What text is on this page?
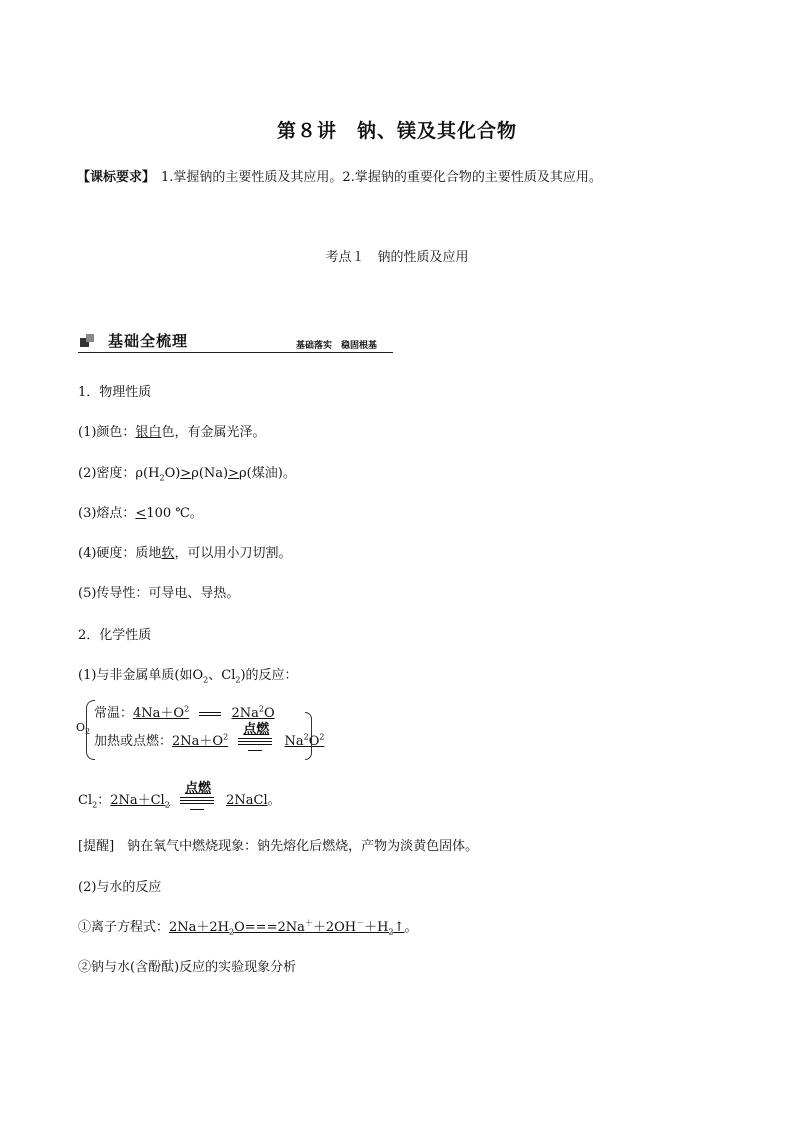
第８讲　钠、镁及其化合物
【课标要求】 1.掌握钠的主要性质及其应用。2.掌握钠的重要化合物的主要性质及其应用。
考点１　钠的性质及应用
基础全梳理	基础落实　稳固根基
1．物理性质
(1)颜色：银白色，有金属光泽。
(2)密度：$\rho(H_2O)>\rho(Na)>\rho$(煤油)。
(3)熔点：<100 ℃。
(4)硬度：质地软，可以用小刀切割。
(5)传导性：可导电、导热。
2．化学性质
(1)与非金属单质(如$O_2$、$Cl_2$)的反应：
$O_2$
常温：$4Na+O^2$	2Na$^2$O
加热或点燃：$2Na+O^2$
点燃
$Na^2O^2$
$Cl_2$：$2Na+Cl_2$
点燃
2NaCl。
[提醒]　 钠在氧气中燃烧现象：钠先熔化后燃烧，产物为淡黄色固体。
(2)与水的反应
①离子方程式：$2Na+2H_2O===2Na^++2OH^-+H_2↑$。
②钠与水(含酚酞)反应的实验现象分析
